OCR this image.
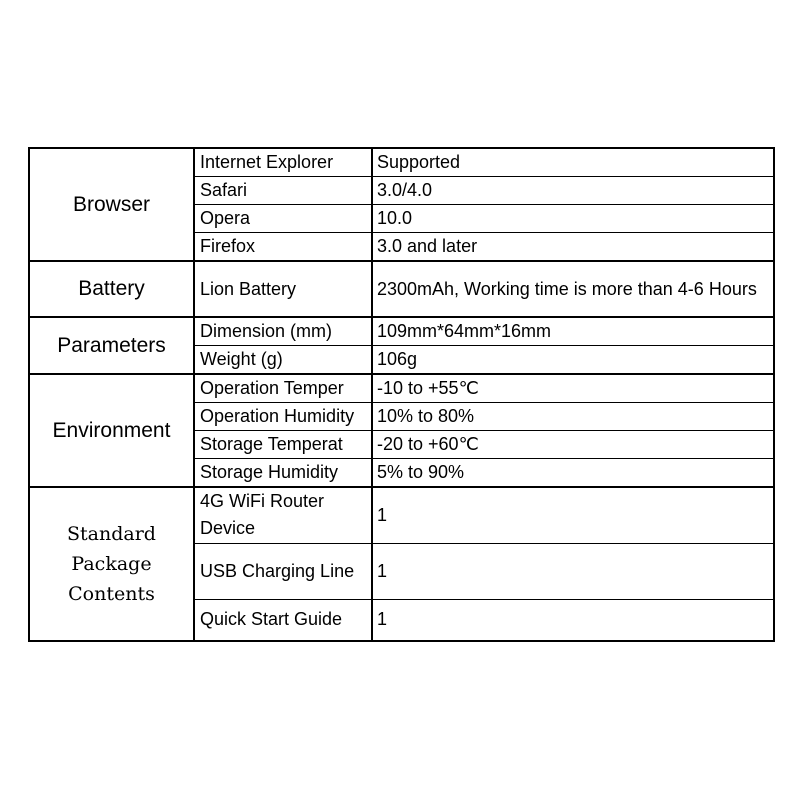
Browser	Internet Explorer	Supported
	Safari	3.0/4.0
	Opera	10.0
	Firefox	3.0 and later
Battery	Lion Battery	2300mAh, Working time is more than 4-6 Hours
Parameters	Dimension (mm)	109mm*64mm*16mm
	Weight (g)	106g
Environment	Operation Temper	-10 to +55℃
	Operation Humidity	10% to 80%
	Storage Temperat	-20 to +60℃
	Storage Humidity	5% to 90%
Standard Package Contents	4G WiFi Router Device	1
	USB Charging Line	1
	Quick Start Guide	1
